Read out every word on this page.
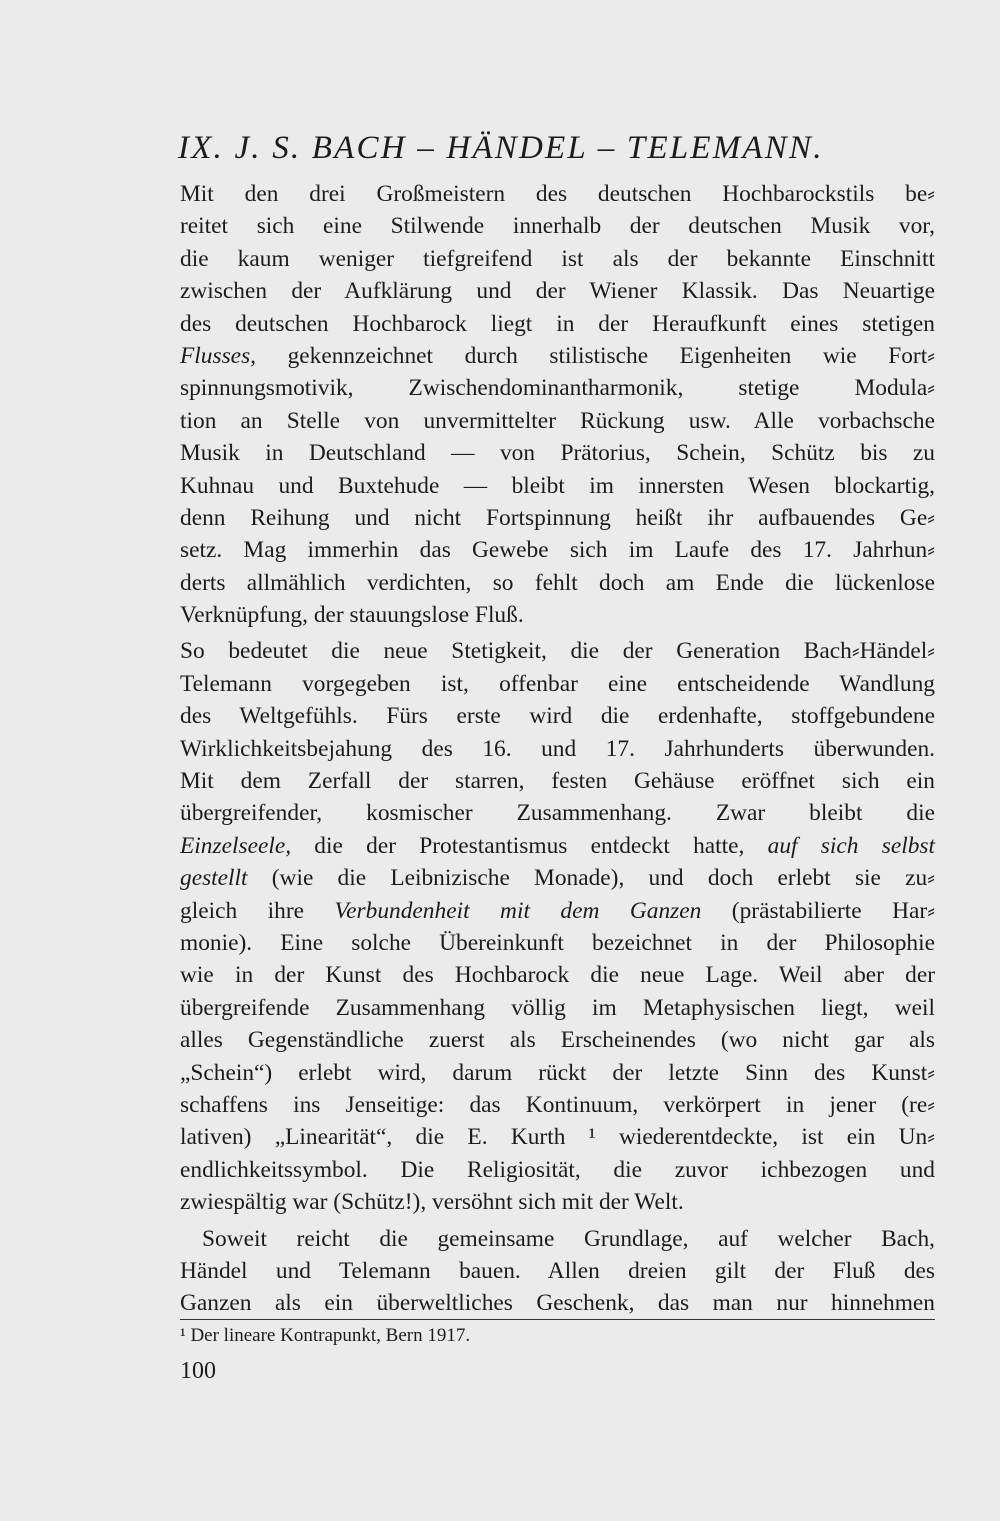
IX. J. S. BACH – HÄNDEL – TELEMANN.
Mit den drei Großmeistern des deutschen Hochbarockstils be⸗
reitet sich eine Stilwende innerhalb der deutschen Musik vor,
die kaum weniger tiefgreifend ist als der bekannte Einschnitt
zwischen der Aufklärung und der Wiener Klassik. Das Neuartige
des deutschen Hochbarock liegt in der Heraufkunft eines stetigen
Flusses, gekennzeichnet durch stilistische Eigenheiten wie Fort⸗
spinnungsmotivik, Zwischendominantharmonik, stetige Modula⸗
tion an Stelle von unvermittelter Rückung usw. Alle vorbachsche
Musik in Deutschland — von Prätorius, Schein, Schütz bis zu
Kuhnau und Buxtehude — bleibt im innersten Wesen blockartig,
denn Reihung und nicht Fortspinnung heißt ihr aufbauendes Ge⸗
setz. Mag immerhin das Gewebe sich im Laufe des 17. Jahrhun⸗
derts allmählich verdichten, so fehlt doch am Ende die lückenlose
Verknüpfung, der stauungslose Fluß.
So bedeutet die neue Stetigkeit, die der Generation Bach⸗Händel⸗
Telemann vorgegeben ist, offenbar eine entscheidende Wandlung
des Weltgefühls. Fürs erste wird die erdenhafte, stoffgebundene
Wirklichkeitsbejahung des 16. und 17. Jahrhunderts überwunden.
Mit dem Zerfall der starren, festen Gehäuse eröffnet sich ein
übergreifender, kosmischer Zusammenhang. Zwar bleibt die
Einzelseele, die der Protestantismus entdeckt hatte, auf sich selbst
gestellt (wie die Leibnizische Monade), und doch erlebt sie zu⸗
gleich ihre Verbundenheit mit dem Ganzen (prästabilierte Har⸗
monie). Eine solche Übereinkunft bezeichnet in der Philosophie
wie in der Kunst des Hochbarock die neue Lage. Weil aber der
übergreifende Zusammenhang völlig im Metaphysischen liegt, weil
alles Gegenständliche zuerst als Erscheinendes (wo nicht gar als
„Schein“) erlebt wird, darum rückt der letzte Sinn des Kunst⸗
schaffens ins Jenseitige: das Kontinuum, verkörpert in jener (re⸗
lativen) „Linearität“, die E. Kurth ¹ wiederentdeckte, ist ein Un⸗
endlichkeitssymbol. Die Religiosität, die zuvor ichbezogen und
zwiespältig war (Schütz!), versöhnt sich mit der Welt.
Soweit reicht die gemeinsame Grundlage, auf welcher Bach,
Händel und Telemann bauen. Allen dreien gilt der Fluß des
Ganzen als ein überweltliches Geschenk, das man nur hinnehmen
¹ Der lineare Kontrapunkt, Bern 1917.
100
